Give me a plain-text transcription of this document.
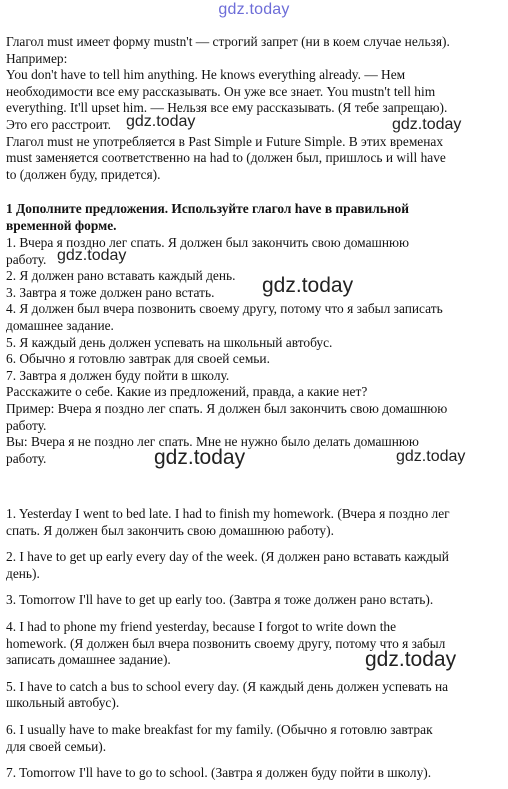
gdz.today
Глагол must имеет форму mustn't — строгий запрет (ни в коем случае нельзя).
Например:
You don't have to tell him anything. He knows everything already. — Нем
необходимости все ему рассказывать. Он уже все знает. You mustn't tell him
everything. It'll upset him. — Нельзя все ему рассказывать. (Я тебе запрещаю).
Это его расстроит.
Глагол must не употребляется в Past Simple и Future Simple. В этих временах
must заменяется соответственно на had to (должен был, пришлось и will have
to (должен буду, придется).
1 Дополните предложения. Используйте глагол have в правильной
временной форме.
1. Вчера я поздно лег спать. Я должен был закончить свою домашнюю
работу.
2. Я должен рано вставать каждый день.
3. Завтра я тоже должен рано встать.
4. Я должен был вчера позвонить своему другу, потому что я забыл записать
домашнее задание.
5. Я каждый день должен успевать на школьный автобус.
6. Обычно я готовлю завтрак для своей семьи.
7. Завтра я должен буду пойти в школу.
Расскажите о себе. Какие из предложений, правда, а какие нет?
Пример: Вчера я поздно лег спать. Я должен был закончить свою домашнюю
работу.
Вы: Вчера я не поздно лег спать. Мне не нужно было делать домашнюю
работу.

1. Yesterday I went to bed late. I had to finish my homework. (Вчера я поздно лег
спать. Я должен был закончить свою домашнюю работу).

2. I have to get up early every day of the week. (Я должен рано вставать каждый
день).

3. Tomorrow I'll have to get up early too. (Завтра я тоже должен рано встать).

4. I had to phone my friend yesterday, because I forgot to write down the
homework. (Я должен был вчера позвонить своему другу, потому что я забыл
записать домашнее задание).

5. I have to catch a bus to school every day. (Я каждый день должен успевать на
школьный автобус).

6. I usually have to make breakfast for my family. (Обычно я готовлю завтрак
для своей семьи).

7. Tomorrow I'll have to go to school. (Завтра я должен буду пойти в школу).

gdz.today	gdz.today
gdz.today
gdz.today
gdz.today
gdz.today
gdz.today
